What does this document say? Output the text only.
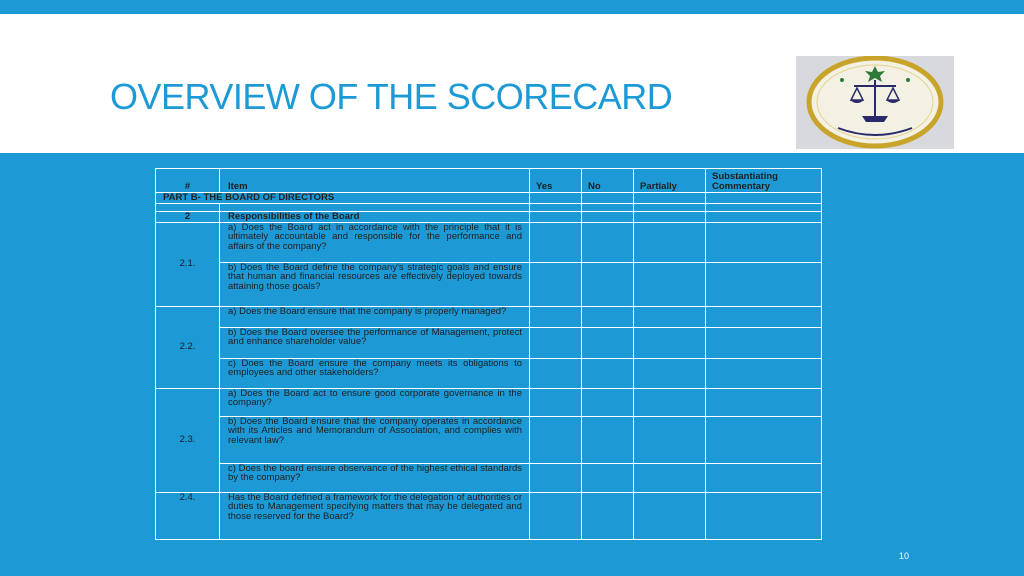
OVERVIEW OF THE SCORECARD
#	Item	Yes	No	Partially	Substantiating Commentary
PART B- THE BOARD OF DIRECTORS					

2	Responsibilities of the Board				
2.1.	a) Does the Board act in accordance with the principle that it is ultimately accountable and responsible for the performance and affairs of the company?				
	b) Does the Board define the company's strategic goals and ensure that human and financial resources are effectively deployed towards attaining those goals?				
2.2.	a) Does the Board ensure that the company is properly managed?				
	b) Does the Board oversee the performance of Management, protect and enhance shareholder value?				
	c) Does the Board ensure the company meets its obligations to employees and other stakeholders?				
2.3.	a) Does the Board act to ensure good corporate governance in the company?				
	b) Does the Board ensure that the company operates in accordance with its Articles and Memorandum of Association, and complies with relevant law?				
	c) Does the board ensure observance of the highest ethical standards by the company?				
2.4.	Has the Board defined a framework for the delegation of authorities or duties to Management specifying matters that may be delegated and those reserved for the Board?				
10
